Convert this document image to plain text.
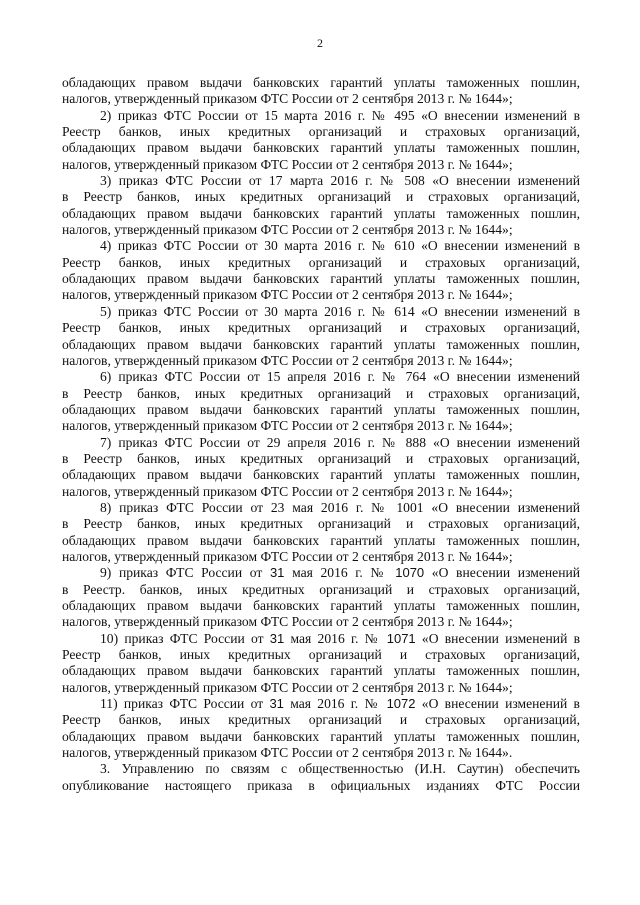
2
обладающих правом выдачи банковских гарантий уплаты таможенных пошлин,
налогов, утвержденный приказом ФТС России от 2 сентября 2013 г. № 1644»;
2) приказ ФТС России от 15 марта 2016 г. № 495 «О внесении изменений в
Реестр банков, иных кредитных организаций и страховых организаций,
обладающих правом выдачи банковских гарантий уплаты таможенных пошлин,
налогов, утвержденный приказом ФТС России от 2 сентября 2013 г. № 1644»;
3) приказ ФТС России от 17 марта 2016 г. № 508 «О внесении изменений
в Реестр банков, иных кредитных организаций и страховых организаций,
обладающих правом выдачи банковских гарантий уплаты таможенных пошлин,
налогов, утвержденный приказом ФТС России от 2 сентября 2013 г. № 1644»;
4) приказ ФТС России от 30 марта 2016 г. № 610 «О внесении изменений в
Реестр банков, иных кредитных организаций и страховых организаций,
обладающих правом выдачи банковских гарантий уплаты таможенных пошлин,
налогов, утвержденный приказом ФТС России от 2 сентября 2013 г. № 1644»;
5) приказ ФТС России от 30 марта 2016 г. № 614 «О внесении изменений в
Реестр банков, иных кредитных организаций и страховых организаций,
обладающих правом выдачи банковских гарантий уплаты таможенных пошлин,
налогов, утвержденный приказом ФТС России от 2 сентября 2013 г. № 1644»;
6) приказ ФТС России от 15 апреля 2016 г. № 764 «О внесении изменений
в Реестр банков, иных кредитных организаций и страховых организаций,
обладающих правом выдачи банковских гарантий уплаты таможенных пошлин,
налогов, утвержденный приказом ФТС России от 2 сентября 2013 г. № 1644»;
7) приказ ФТС России от 29 апреля 2016 г. № 888 «О внесении изменений
в Реестр банков, иных кредитных организаций и страховых организаций,
обладающих правом выдачи банковских гарантий уплаты таможенных пошлин,
налогов, утвержденный приказом ФТС России от 2 сентября 2013 г. № 1644»;
8) приказ ФТС России от 23 мая 2016 г. № 1001 «О внесении изменений
в Реестр банков, иных кредитных организаций и страховых организаций,
обладающих правом выдачи банковских гарантий уплаты таможенных пошлин,
налогов, утвержденный приказом ФТС России от 2 сентября 2013 г. № 1644»;
9) приказ ФТС России от 31 мая 2016 г. № 1070 «О внесении изменений
в Реестр. банков, иных кредитных организаций и страховых организаций,
обладающих правом выдачи банковских гарантий уплаты таможенных пошлин,
налогов, утвержденный приказом ФТС России от 2 сентября 2013 г. № 1644»;
10) приказ ФТС России от 31 мая 2016 г. № 1071 «О внесении изменений в
Реестр банков, иных кредитных организаций и страховых организаций,
обладающих правом выдачи банковских гарантий уплаты таможенных пошлин,
налогов, утвержденный приказом ФТС России от 2 сентября 2013 г. № 1644»;
11) приказ ФТС России от 31 мая 2016 г. № 1072 «О внесении изменений в
Реестр банков, иных кредитных организаций и страховых организаций,
обладающих правом выдачи банковских гарантий уплаты таможенных пошлин,
налогов, утвержденный приказом ФТС России от 2 сентября 2013 г. № 1644».
3. Управлению по связям с общественностью (И.Н. Саутин) обеспечить
опубликование настоящего приказа в официальных изданиях ФТС России
